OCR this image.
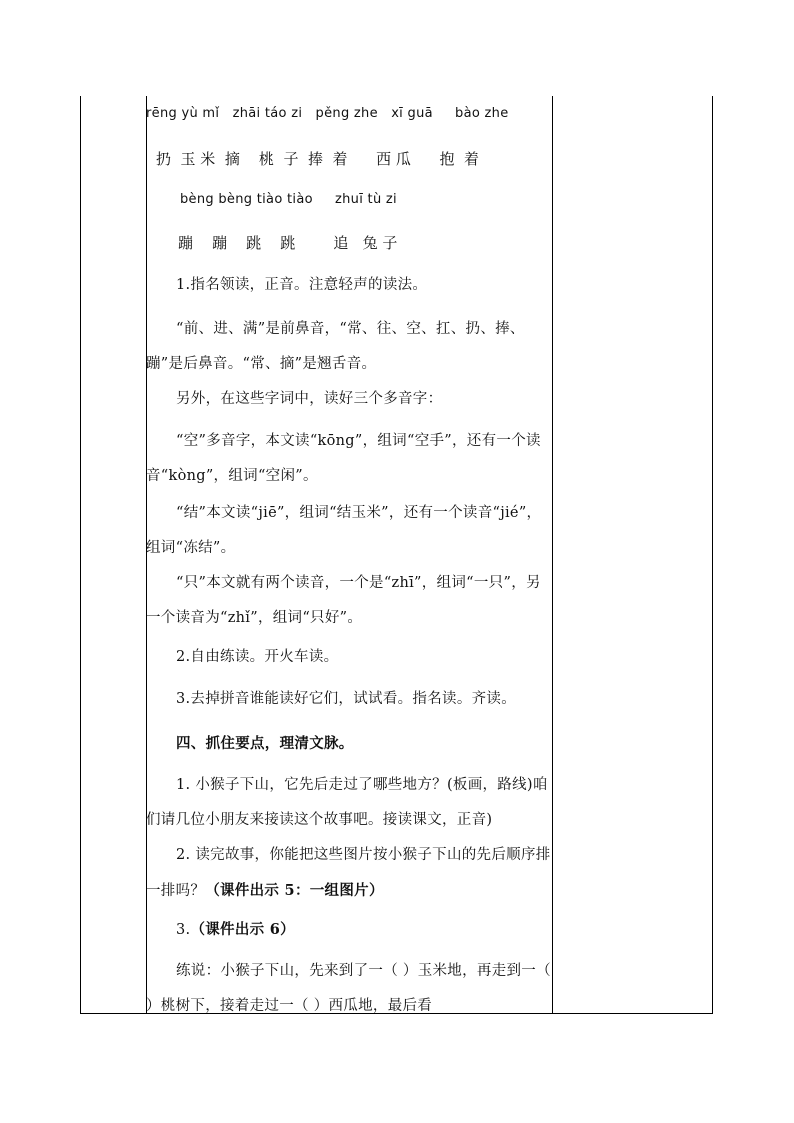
rēng yù mǐ   zhāi táo zi   pěng zhe   xī guā     bào zhe
扔  玉 米  摘    桃  子  捧  着      西 瓜      抱  着
bèng bèng tiào tiào     zhuī tù zi
蹦    蹦    跳    跳        追   兔 子
1.指名领读，正音。注意轻声的读法。
“前、进、满”是前鼻音，“常、往、空、扛、扔、捧、蹦”是后鼻音。“常、摘”是翘舌音。
另外，在这些字词中，读好三个多音字：
“空”多音字，本文读“kōng”，组词“空手”，还有一个读音“kòng”，组词“空闲”。
“结”本文读“jiē”，组词“结玉米”，还有一个读音“jié”，组词“冻结”。
“只”本文就有两个读音，一个是“zhī”，组词“一只”，另一个读音为“zhǐ”，组词“只好”。
2.自由练读。开火车读。
3.去掉拼音谁能读好它们，试试看。指名读。齐读。
四、抓住要点，理清文脉。
1. 小猴子下山，它先后走过了哪些地方？(板画，路线)咱们请几位小朋友来接读这个故事吧。接读课文，正音)
2. 读完故事，你能把这些图片按小猴子下山的先后顺序排一排吗？（课件出示 5：一组图片）
3.（课件出示 6）
练说：小猴子下山，先来到了一（ ）玉米地，再走到一（ ）桃树下，接着走过一（ ）西瓜地，最后看
